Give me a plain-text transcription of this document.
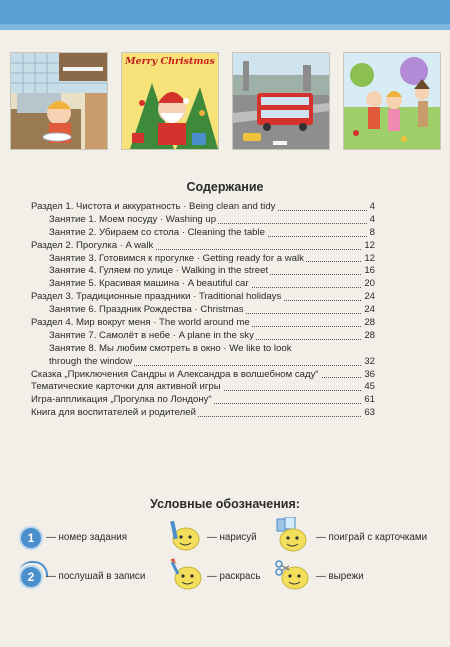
Merry Christmas
Содержание
Раздел 1. Чистота и аккуратность · Being clean and tidy	4
Занятие 1. Моем посуду · Washing up	4
Занятие 2. Убираем со стола · Cleaning the table	8
Раздел 2. Прогулка · A walk	12
Занятие 3. Готовимся к прогулке · Getting ready for a walk	12
Занятие 4. Гуляем по улице · Walking in the street	16
Занятие 5. Красивая машина · A beautiful car	20
Раздел 3. Традиционные праздники · Traditional holidays	24
Занятие 6. Праздник Рождества · Christmas	24
Раздел 4. Мир вокруг меня · The world around me	28
Занятие 7. Самолёт в небе · A plane in the sky	28
Занятие 8. Мы любим смотреть в окно · We like to look
through the window	32
Сказка „Приключения Сандры и Александра в волшебном саду“	36
Тематические карточки для активной игры	45
Игра-аппликация „Прогулка по Лондону“	61
Книга для воспитателей и родителей	63
Условные обозначения:
1	— номер задания	— нарисуй	— поиграй с карточками
2	— послушай в записи	— раскрась	— вырежи
